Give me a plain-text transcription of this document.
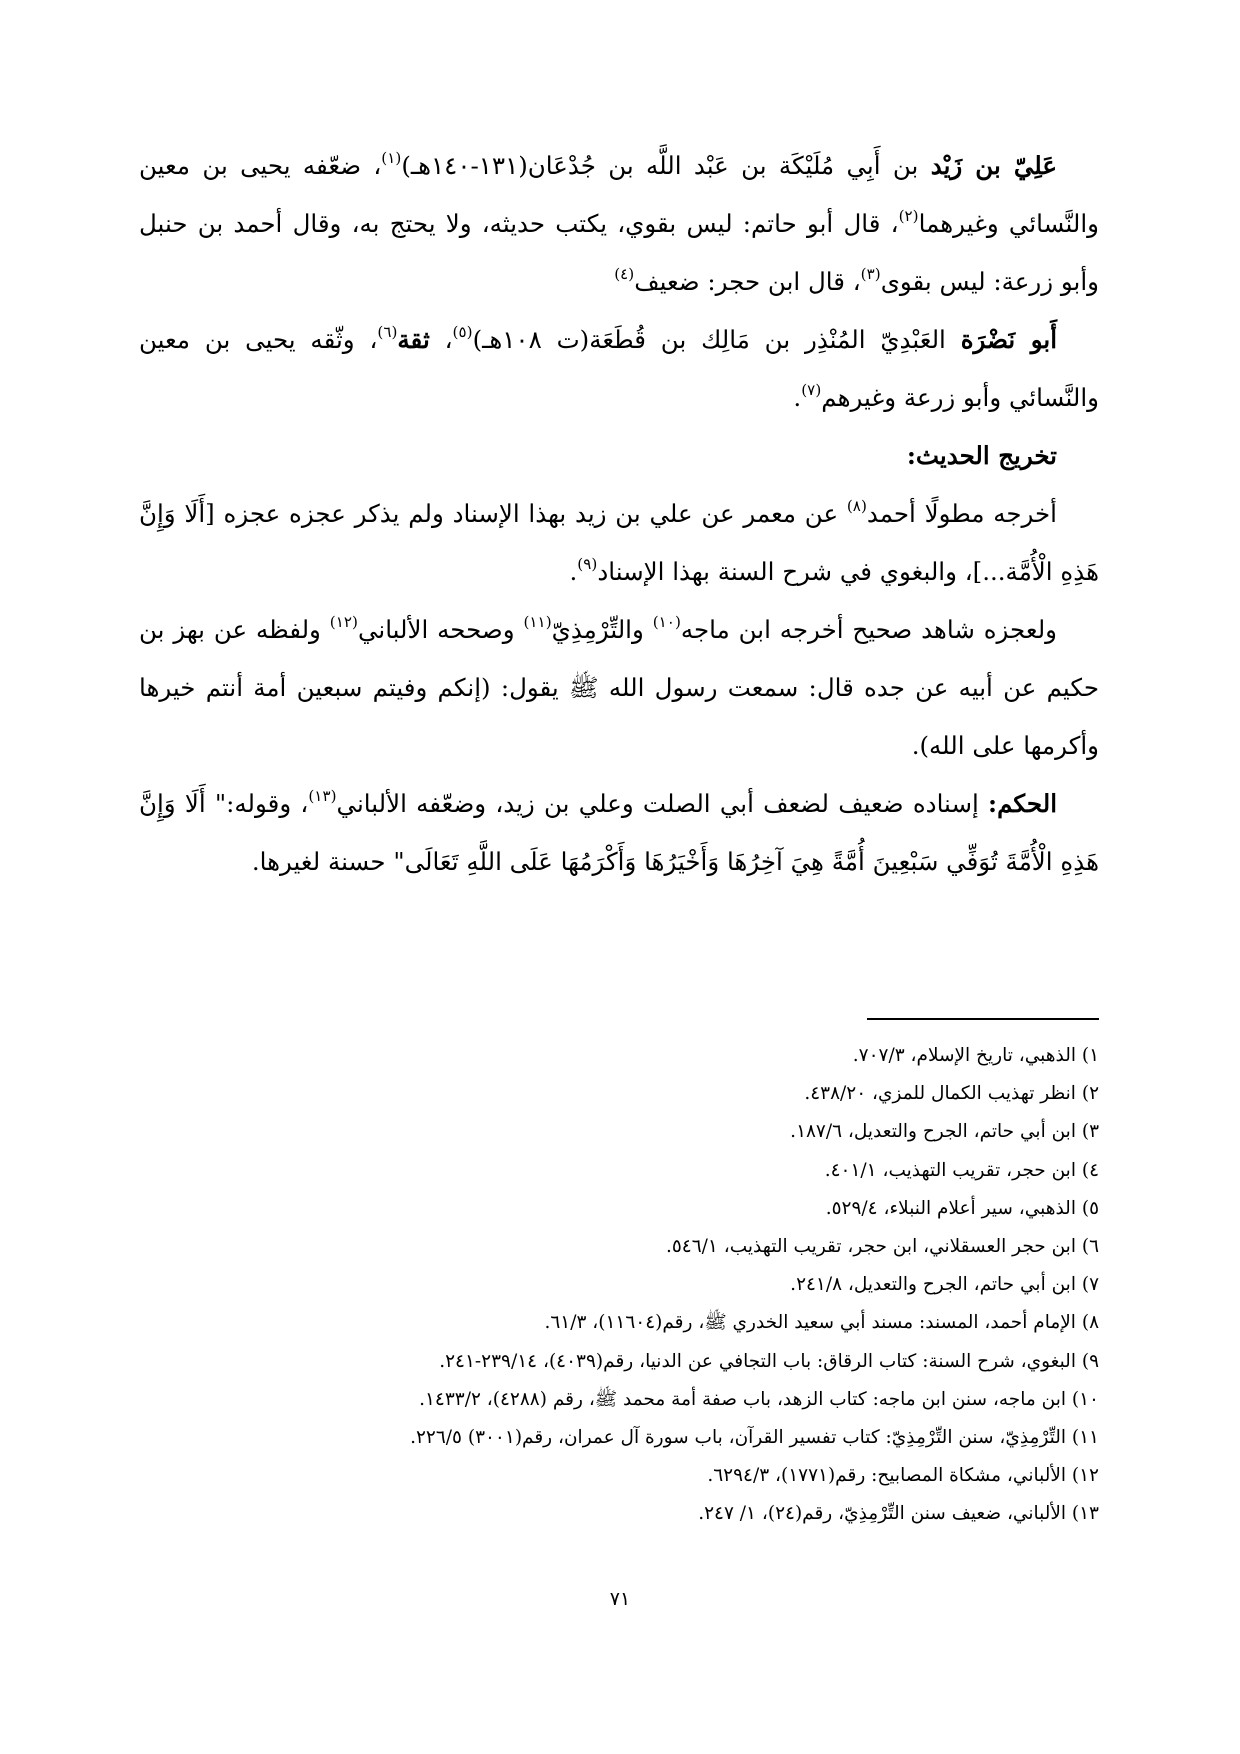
عَلِيّ بن زَيْد بن أَبِي مُلَيْكَة بن عَبْد اللَّه بن جُدْعَان(١٣١-١٤٠هـ)$^{(١)}$، ضعّفه يحيى بن معين والنَّسائي وغيرهما$^{(٢)}$، قال أبو حاتم: ليس بقوي، يكتب حديثه، ولا يحتج به، وقال أحمد بن حنبل وأبو زرعة: ليس بقوى$^{(٣)}$، قال ابن حجر: ضعيف$^{(٤)}$

أَبو نَضْرَة العَبْدِيّ المُنْذِر بن مَالِك بن قُطَعَة(ت ١٠٨هـ)$^{(٥)}$، ثقة$^{(٦)}$، وثّقه يحيى بن معين والنَّسائي وأبو زرعة وغيرهم$^{(٧)}$.

تخريج الحديث:

أخرجه مطولًا أحمد$^{(٨)}$ عن معمر عن علي بن زيد بهذا الإسناد ولم يذكر عجزه عجزه [أَلَا وَإِنَّ هَذِهِ الْأُمَّة...]، والبغوي في شرح السنة بهذا الإسناد$^{(٩)}$.

ولعجزه شاهد صحيح أخرجه ابن ماجه$^{(١٠)}$ والتِّرْمِذِيّ$^{(١١)}$ وصححه الألباني$^{(١٢)}$ ولفظه عن بهز بن حكيم عن أبيه عن جده قال: سمعت رسول الله ﷺ يقول: (إنكم وفيتم سبعين أمة أنتم خيرها وأكرمها على الله).

الحكم: إسناده ضعيف لضعف أبي الصلت وعلي بن زيد، وضعّفه الألباني$^{(١٣)}$، وقوله:" أَلَا وَإِنَّ هَذِهِ الْأُمَّةَ تُوَفِّي سَبْعِينَ أُمَّةً هِيَ آخِرُهَا وَأَخْيَرُهَا وَأَكْرَمُهَا عَلَى اللَّهِ تَعَالَى" حسنة لغيرها.

١) الذهبي، تاريخ الإسلام، ٧٠٧/٣.

٢) انظر تهذيب الكمال للمزي، ٤٣٨/٢٠.

٣) ابن أبي حاتم، الجرح والتعديل، ١٨٧/٦.

٤) ابن حجر، تقريب التهذيب، ٤٠١/١.

٥) الذهبي، سير أعلام النبلاء، ٥٢٩/٤.

٦) ابن حجر العسقلاني، ابن حجر، تقريب التهذيب، ٥٤٦/١.

٧) ابن أبي حاتم، الجرح والتعديل، ٢٤١/٨.

٨) الإمام أحمد، المسند: مسند أبي سعيد الخدري ﷺ، رقم(١١٦٠٤)، ٦١/٣.

٩) البغوي، شرح السنة: كتاب الرقاق: باب التجافي عن الدنيا، رقم(٤٠٣٩)، ٢٣٩/١٤-٢٤١.

١٠) ابن ماجه، سنن ابن ماجه: كتاب الزهد، باب صفة أمة محمد ﷺ، رقم (٤٢٨٨)، ١٤٣٣/٢.

١١) التِّرْمِذِيّ، سنن التِّرْمِذِيّ: كتاب تفسير القرآن، باب سورة آل عمران، رقم(٣٠٠١) ٢٢٦/٥.

١٢) الألباني، مشكاة المصابيح: رقم(١٧٧١)، ٦٢٩٤/٣.

١٣) الألباني، ضعيف سنن التِّرْمِذِيّ، رقم(٢٤)، ١/ ٢٤٧.

٧١
